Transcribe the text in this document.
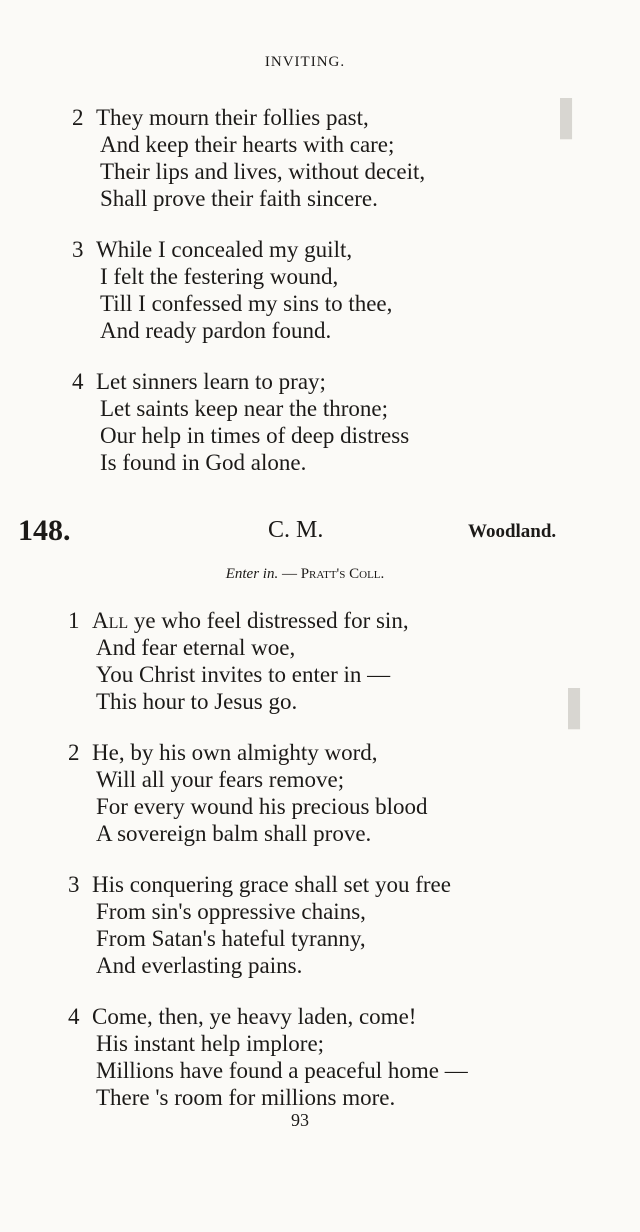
▌
▌
INVITING.
2 They mourn their follies past,
And keep their hearts with care;
Their lips and lives, without deceit,
Shall prove their faith sincere.
3 While I concealed my guilt,
I felt the festering wound,
Till I confessed my sins to thee,
And ready pardon found.
4 Let sinners learn to pray;
Let saints keep near the throne;
Our help in times of deep distress
Is found in God alone.
148.	C. M.	Woodland.
Enter in. — Pratt's Coll.
1 All ye who feel distressed for sin,
And fear eternal woe,
You Christ invites to enter in —
This hour to Jesus go.
2 He, by his own almighty word,
Will all your fears remove;
For every wound his precious blood
A sovereign balm shall prove.
3 His conquering grace shall set you free
From sin's oppressive chains,
From Satan's hateful tyranny,
And everlasting pains.
4 Come, then, ye heavy laden, come!
His instant help implore;
Millions have found a peaceful home —
There 's room for millions more.
93
